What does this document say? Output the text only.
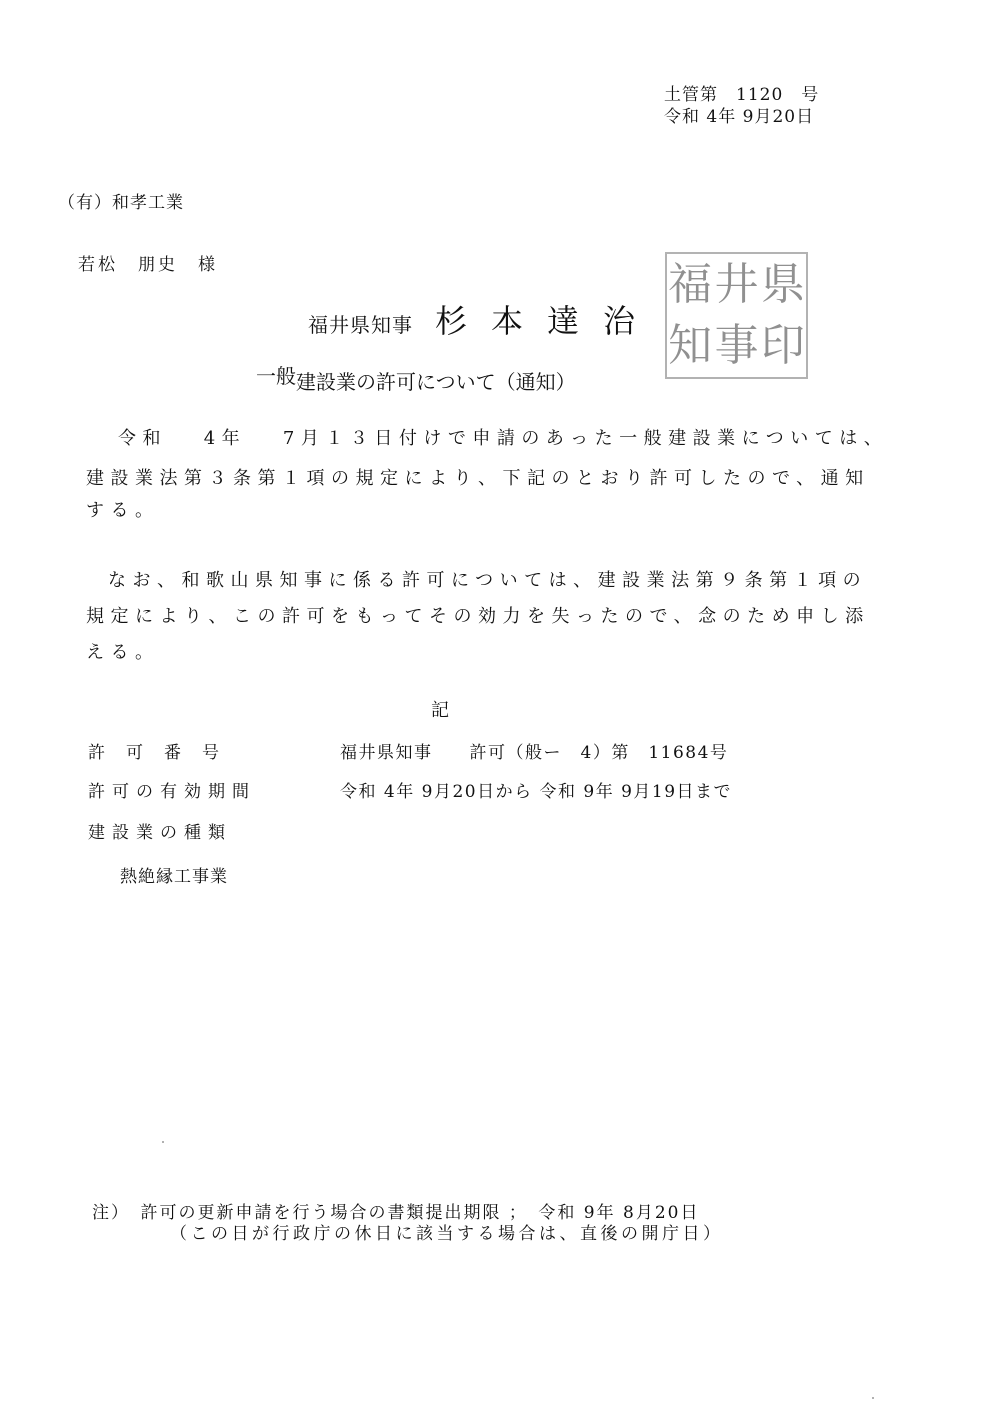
土管第　1120　号
令和 4年 9月20日
（有）和孝工業
若松　朋史　様
福井県知事 杉本達治
福 井 県
知 事 印
一般建設業の許可について（通知）
令和　 4年　 7月１３日付けで申請のあった一般建設業については、
建設業法第３条第１項の規定により、下記のとおり許可したので、通知
する。
なお、和歌山県知事に係る許可については、建設業法第９条第１項の
規定により、この許可をもってその効力を失ったので、念のため申し添
える。
記
許可番号	福井県知事　　許可（般ー　4）第　11684号
許可の有効期間	令和 4年 9月20日から 令和 9年 9月19日まで
建設業の種類
熱絶縁工事業
注）　許可の更新申請を行う場合の書類提出期限 ；　令和 9年 8月20日
（この日が行政庁の休日に該当する場合は、直後の開庁日）
